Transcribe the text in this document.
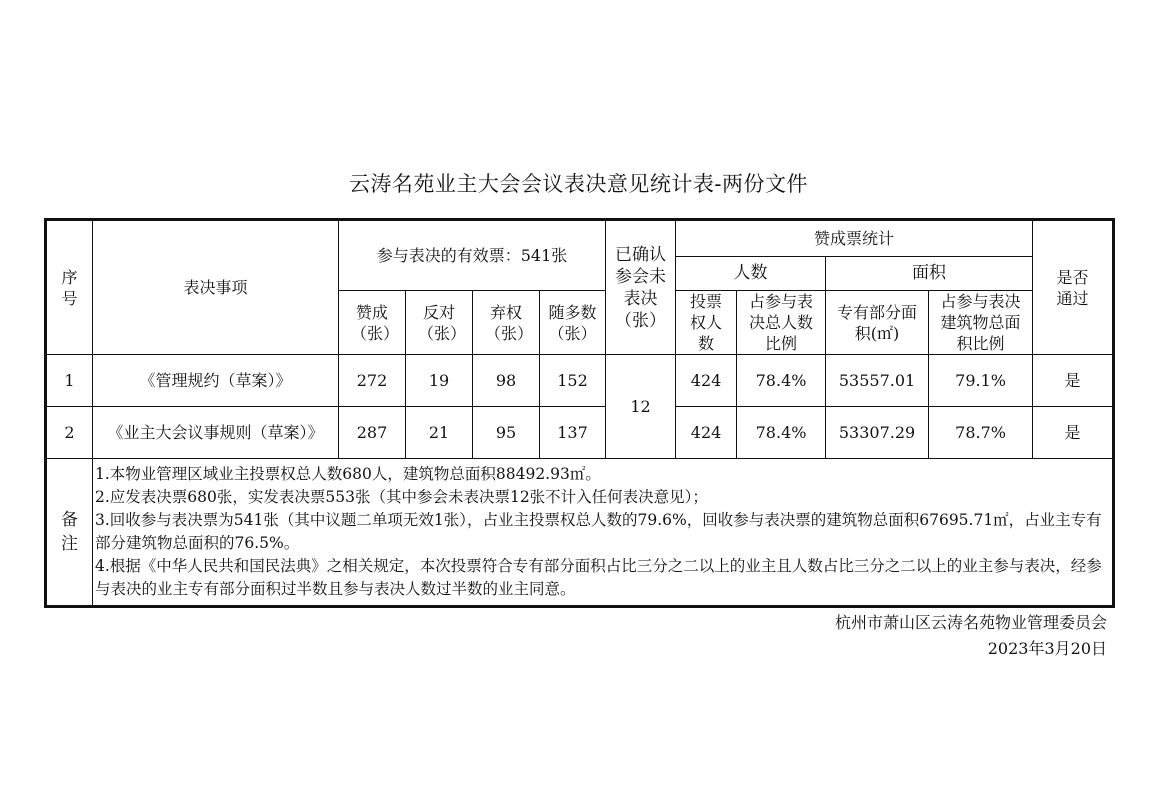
云涛名苑业主大会会议表决意见统计表-两份文件
序号	表决事项	参与表决的有效票：541张				已确认参会未表决（张）	赞成票统计				是否通过
							人数		面积		
		赞成（张）	反对（张）	弃权（张）	随多数（张）		投票权人数	占参与表决总人数比例	专有部分面积(㎡)	占参与表决建筑物总面积比例	

1	《管理规约（草案）》	272	19	98	152	12	424	78.4%	53557.01	79.1%	是
2	《业主大会议事规则（草案）》	287	21	95	137		424	78.4%	53307.29	78.7%	是
备注	1.本物业管理区域业主投票权总人数680人，建筑物总面积88492.93㎡。
2.应发表决票680张，实发表决票553张（其中参会未表决票12张不计入任何表决意见）；
3.回收参与表决票为541张（其中议题二单项无效1张），占业主投票权总人数的79.6%，回收参与表决票的建筑物总面积67695.71㎡，占业主专有部分建筑物总面积的76.5%。
4.根据《中华人民共和国民法典》之相关规定，本次投票符合专有部分面积占比三分之二以上的业主且人数占比三分之二以上的业主参与表决，经参与表决的业主专有部分面积过半数且参与表决人数过半数的业主同意。										
杭州市萧山区云涛名苑物业管理委员会
2023年3月20日
